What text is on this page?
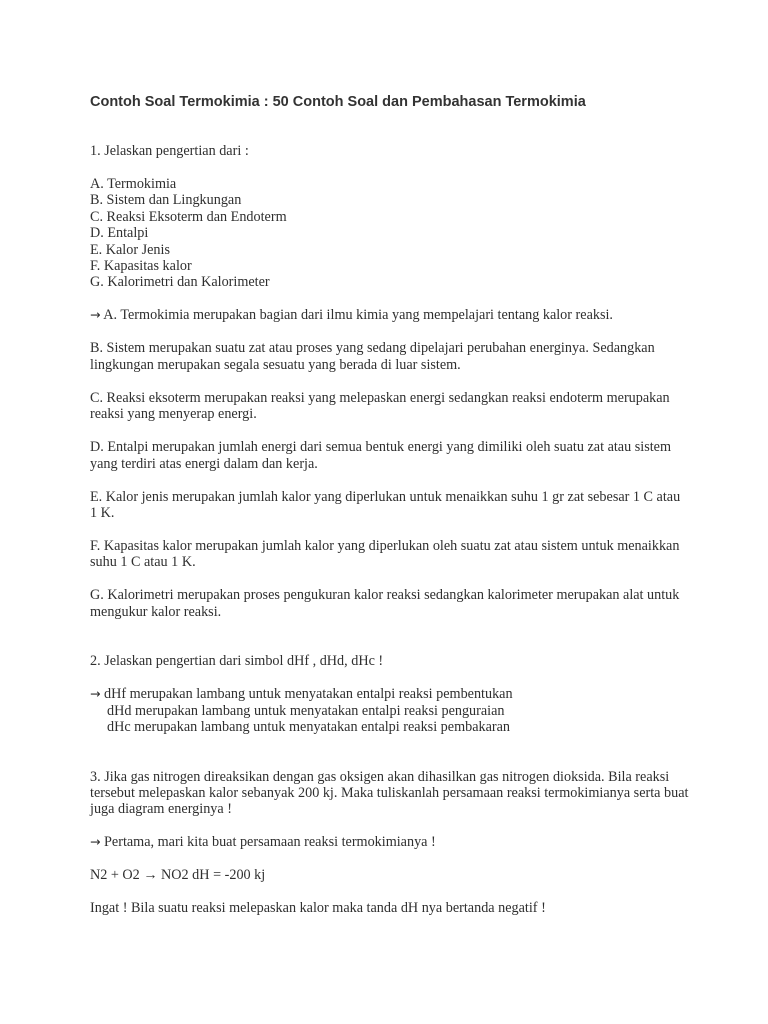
Contoh Soal Termokimia : 50 Contoh Soal dan Pembahasan Termokimia
1. Jelaskan pengertian dari :
A. Termokimia
B. Sistem dan Lingkungan
C. Reaksi Eksoterm dan Endoterm
D. Entalpi
E. Kalor Jenis
F. Kapasitas kalor
G. Kalorimetri dan Kalorimeter
→ A. Termokimia merupakan bagian dari ilmu kimia yang mempelajari tentang kalor reaksi.
B. Sistem merupakan suatu zat atau proses yang sedang dipelajari perubahan energinya. Sedangkan lingkungan merupakan segala sesuatu yang berada di luar sistem.
C. Reaksi eksoterm merupakan reaksi yang melepaskan energi sedangkan reaksi endoterm merupakan reaksi yang menyerap energi.
D. Entalpi merupakan jumlah energi dari semua bentuk energi yang dimiliki oleh suatu zat atau sistem yang terdiri atas energi dalam dan kerja.
E. Kalor jenis merupakan jumlah kalor yang diperlukan untuk menaikkan suhu 1 gr zat sebesar 1 C atau 1 K.
F. Kapasitas kalor merupakan jumlah kalor yang diperlukan oleh suatu zat atau sistem untuk menaikkan suhu 1 C atau 1 K.
G. Kalorimetri merupakan proses pengukuran kalor reaksi sedangkan kalorimeter merupakan alat untuk mengukur kalor reaksi.
2. Jelaskan pengertian dari simbol dHf , dHd, dHc !
→ dHf merupakan lambang untuk menyatakan entalpi reaksi pembentukan
dHd merupakan lambang untuk menyatakan entalpi reaksi penguraian
dHc merupakan lambang untuk menyatakan entalpi reaksi pembakaran
3. Jika gas nitrogen direaksikan dengan gas oksigen akan dihasilkan gas nitrogen dioksida. Bila reaksi tersebut melepaskan kalor sebanyak 200 kj. Maka tuliskanlah persamaan reaksi termokimianya serta buat juga diagram energinya !
→ Pertama, mari kita buat persamaan reaksi termokimianya !
N2 + O2 → NO2 dH = -200 kj
Ingat ! Bila suatu reaksi melepaskan kalor maka tanda dH nya bertanda negatif !
